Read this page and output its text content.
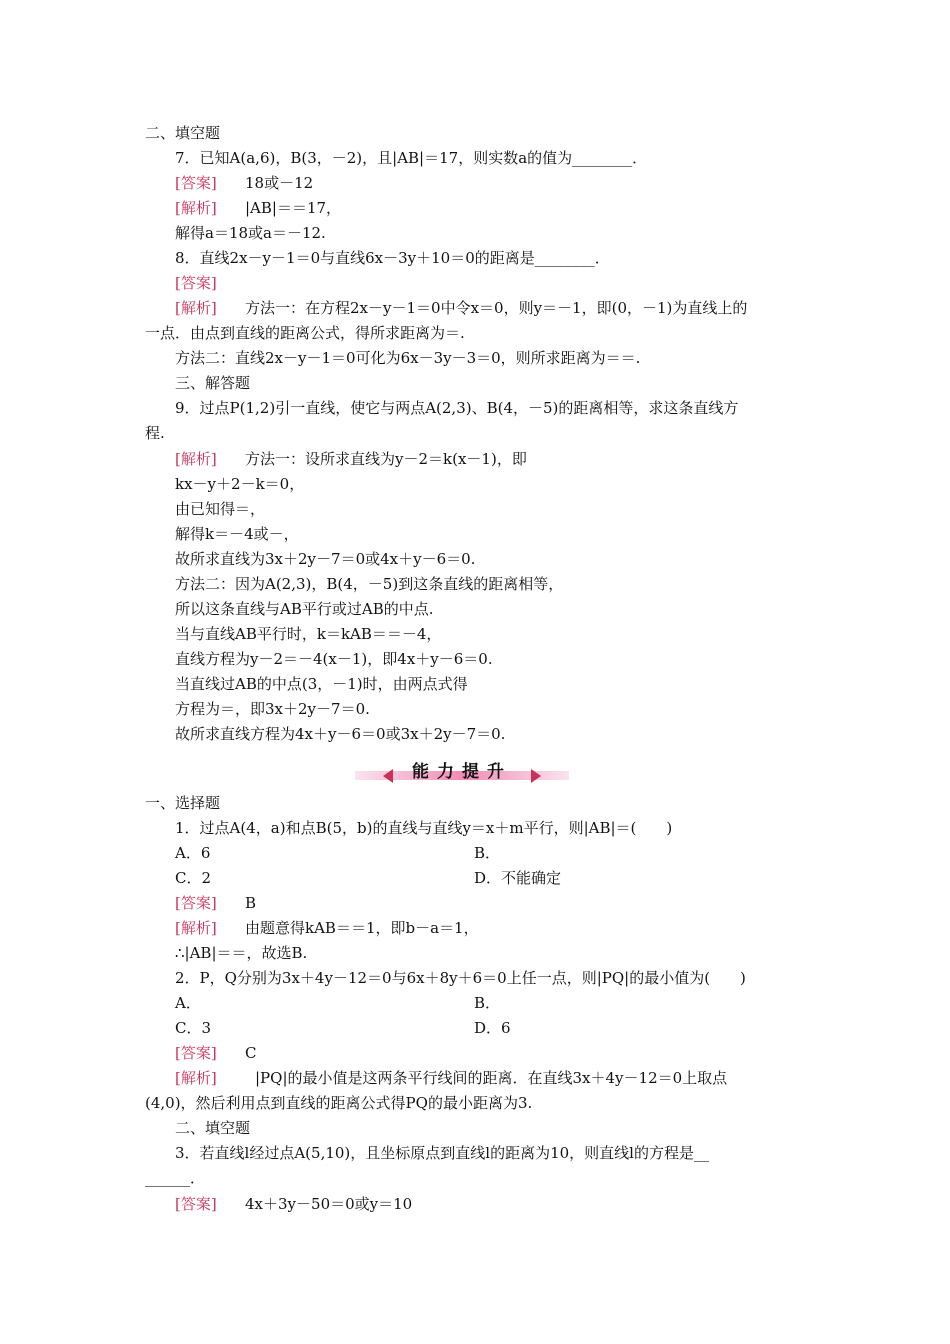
二、填空题
7．已知A(a,6)，B(3，－2)，且|AB|＝17，则实数a的值为________．
[答案] 18或－12
[解析] |AB|＝＝17，
解得a＝18或a＝－12.
8．直线2x－y－1＝0与直线6x－3y＋10＝0的距离是________．
[答案]
[解析] 方法一：在方程2x－y－1＝0中令x＝0，则y＝－1，即(0，－1)为直线上的
一点．由点到直线的距离公式，得所求距离为＝.
方法二：直线2x－y－1＝0可化为6x－3y－3＝0，则所求距离为＝＝.
三、解答题
9．过点P(1,2)引一直线，使它与两点A(2,3)、B(4，－5)的距离相等，求这条直线方
程.
[解析] 方法一：设所求直线为y－2＝k(x－1)，即
kx－y＋2－k＝0，
由已知得＝，
解得k＝－4或－，
故所求直线为3x＋2y－7＝0或4x＋y－6＝0.
方法二：因为A(2,3)，B(4，－5)到这条直线的距离相等，
所以这条直线与AB平行或过AB的中点.
当与直线AB平行时，k＝kAB＝＝－4，
直线方程为y－2＝－4(x－1)，即4x＋y－6＝0.
当直线过AB的中点(3，－1)时，由两点式得
方程为＝，即3x＋2y－7＝0.
故所求直线方程为4x＋y－6＝0或3x＋2y－7＝0.
能力提升
一、选择题
1．过点A(4，a)和点B(5，b)的直线与直线y＝x＋m平行，则|AB|＝(　　)
A．6	B．
C．2	D．不能确定
[答案] B
[解析] 由题意得kAB＝＝1，即b－a＝1，
∴|AB|＝＝，故选B.
2．P，Q分别为3x＋4y－12＝0与6x＋8y＋6＝0上任一点，则|PQ|的最小值为(　　)
A．	B．
C．3	D．6
[答案] C
[解析]	|PQ|的最小值是这两条平行线间的距离．在直线3x＋4y－12＝0上取点
(4,0)，然后利用点到直线的距离公式得PQ的最小距离为3.
二、填空题
3．若直线l经过点A(5,10)，且坐标原点到直线l的距离为10，则直线l的方程是__
______．
[答案] 4x＋3y－50＝0或y＝10
